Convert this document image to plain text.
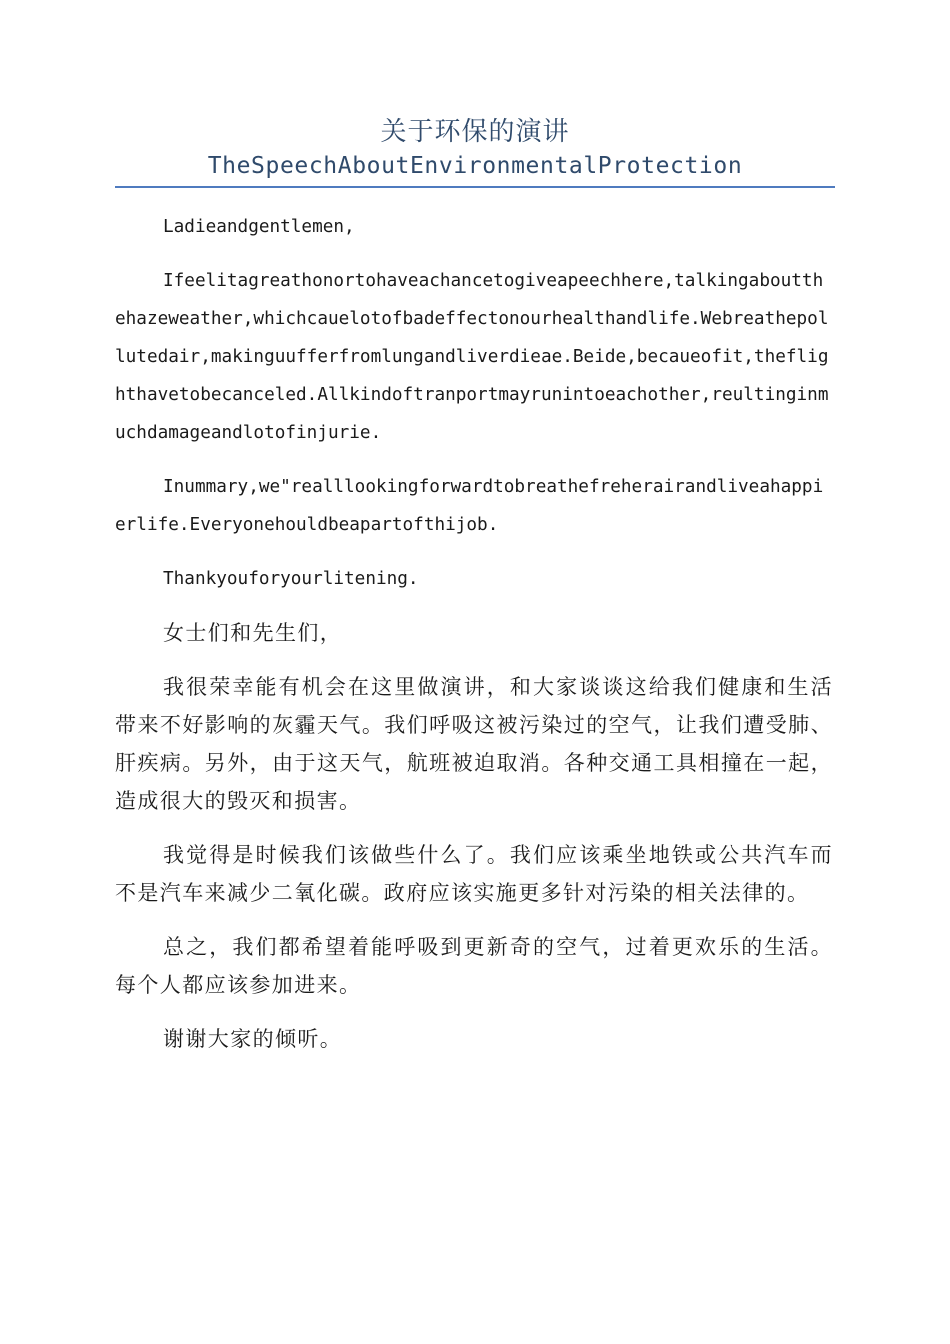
关于环保的演讲
TheSpeechAboutEnvironmentalProtection

Ladieandgentlemen,

Ifeelitagreathonortohaveachancetogiveapeechhere,talkingaboutthehazeweather,whichcauelotofbadeffectonourhealthandlife.Webreathepollutedair,makinguufferfromlungandliverdieae.Beide,becaueofit,theflighthavetobecanceled.Allkindoftranportmayrunintoeachother,reultinginmuchdamageandlotofinjurie.

Inummary,we"realllookingforwardtobreathefreherairandliveahappierlife.Everyonehouldbeapartofthijob.

Thankyouforyourlitening.

女士们和先生们，

我很荣幸能有机会在这里做演讲，和大家谈谈这给我们健康和生活带来不好影响的灰霾天气。我们呼吸这被污染过的空气，让我们遭受肺、肝疾病。另外，由于这天气，航班被迫取消。各种交通工具相撞在一起，造成很大的毁灭和损害。

我觉得是时候我们该做些什么了。我们应该乘坐地铁或公共汽车而不是汽车来减少二氧化碳。政府应该实施更多针对污染的相关法律的。

总之，我们都希望着能呼吸到更新奇的空气，过着更欢乐的生活。每个人都应该参加进来。

谢谢大家的倾听。
